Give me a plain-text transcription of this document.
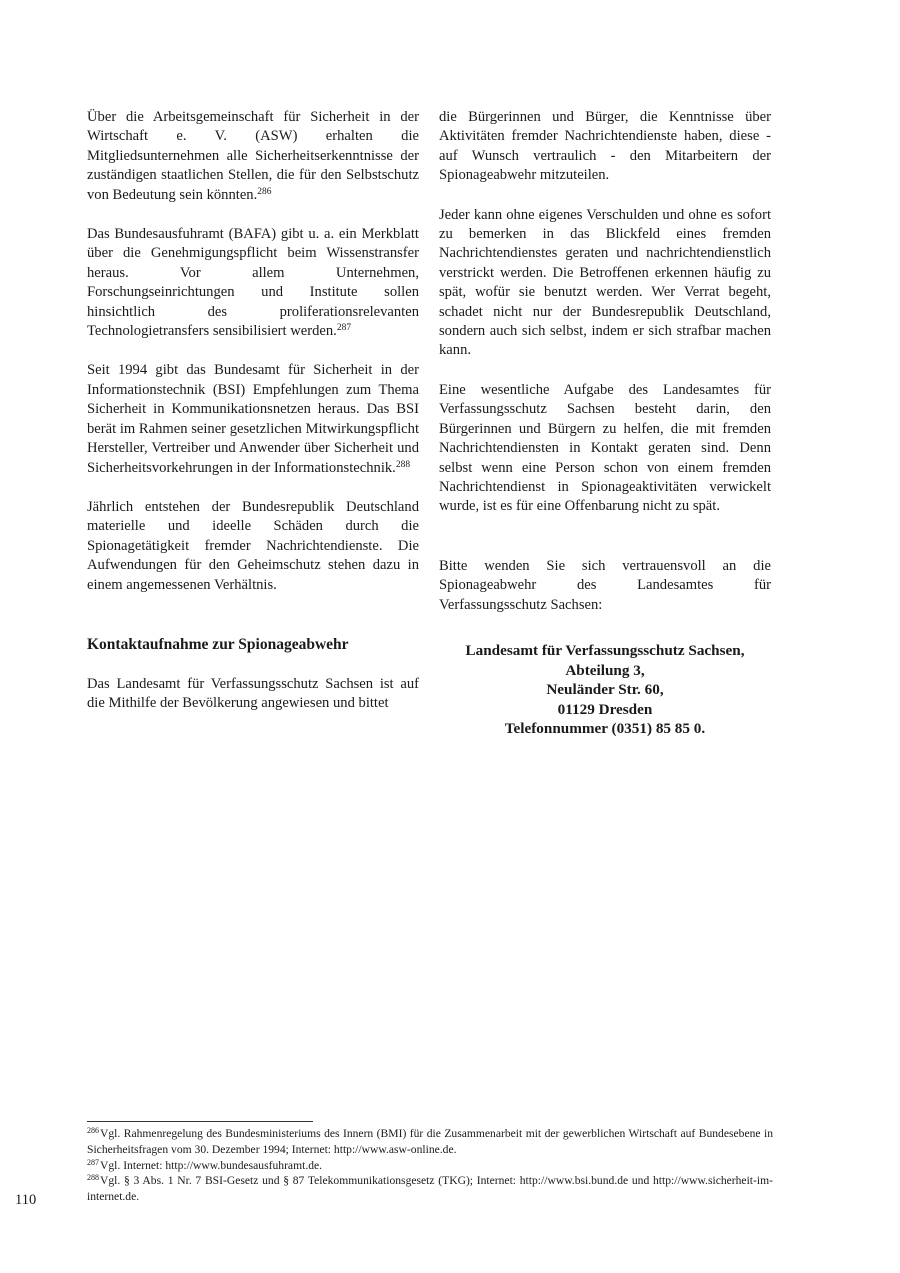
Über die Arbeitsgemeinschaft für Sicherheit in der Wirtschaft e. V. (ASW) erhalten die Mitgliedsunternehmen alle Sicherheitserkenntnisse der zuständigen staatlichen Stellen, die für den Selbstschutz von Bedeutung sein könnten.$^{286}$

Das Bundesausfuhramt (BAFA) gibt u. a. ein Merkblatt über die Genehmigungspflicht beim Wissenstransfer heraus. Vor allem Unternehmen, Forschungseinrichtungen und Institute sollen hinsichtlich des proliferationsrelevanten Technologietransfers sensibilisiert werden.$^{287}$

Seit 1994 gibt das Bundesamt für Sicherheit in der Informationstechnik (BSI) Empfehlungen zum Thema Sicherheit in Kommunikationsnetzen heraus. Das BSI berät im Rahmen seiner gesetzlichen Mitwirkungspflicht Hersteller, Vertreiber und Anwender über Sicherheit und Sicherheitsvorkehrungen in der Informationstechnik.$^{288}$

Jährlich entstehen der Bundesrepublik Deutschland materielle und ideelle Schäden durch die Spionagetätigkeit fremder Nachrichtendienste. Die Aufwendungen für den Geheimschutz stehen dazu in einem angemessenen Verhältnis.

Kontaktaufnahme zur Spionageabwehr

Das Landesamt für Verfassungsschutz Sachsen ist auf die Mithilfe der Bevölkerung angewiesen und bittet

die Bürgerinnen und Bürger, die Kenntnisse über Aktivitäten fremder Nachrichtendienste haben, diese - auf Wunsch vertraulich - den Mitarbeitern der Spionageabwehr mitzuteilen.

Jeder kann ohne eigenes Verschulden und ohne es sofort zu bemerken in das Blickfeld eines fremden Nachrichtendienstes geraten und nachrichtendienstlich verstrickt werden. Die Betroffenen erkennen häufig zu spät, wofür sie benutzt werden. Wer Verrat begeht, schadet nicht nur der Bundesrepublik Deutschland, sondern auch sich selbst, indem er sich strafbar machen kann.

Eine wesentliche Aufgabe des Landesamtes für Verfassungsschutz Sachsen besteht darin, den Bürgerinnen und Bürgern zu helfen, die mit fremden Nachrichtendiensten in Kontakt geraten sind. Denn selbst wenn eine Person schon von einem fremden Nachrichtendienst in Spionageaktivitäten verwickelt wurde, ist es für eine Offenbarung nicht zu spät.

Bitte wenden Sie sich vertrauensvoll an die Spionageabwehr des Landesamtes für Verfassungsschutz Sachsen:

Landesamt für Verfassungsschutz Sachsen,
Abteilung 3,
Neuländer Str. 60,
01129 Dresden
Telefonnummer (0351) 85 85 0.

$^{286}$Vgl. Rahmenregelung des Bundesministeriums des Innern (BMI) für die Zusammenarbeit mit der gewerblichen Wirtschaft auf Bundesebene in Sicherheitsfragen vom 30. Dezember 1994; Internet: http://www.asw-online.de.

$^{287}$Vgl. Internet: http://www.bundesausfuhramt.de.

$^{288}$Vgl. § 3 Abs. 1 Nr. 7 BSI-Gesetz und § 87 Telekommunikationsgesetz (TKG); Internet: http://www.bsi.bund.de und http://www.sicherheit-im-internet.de.

110
